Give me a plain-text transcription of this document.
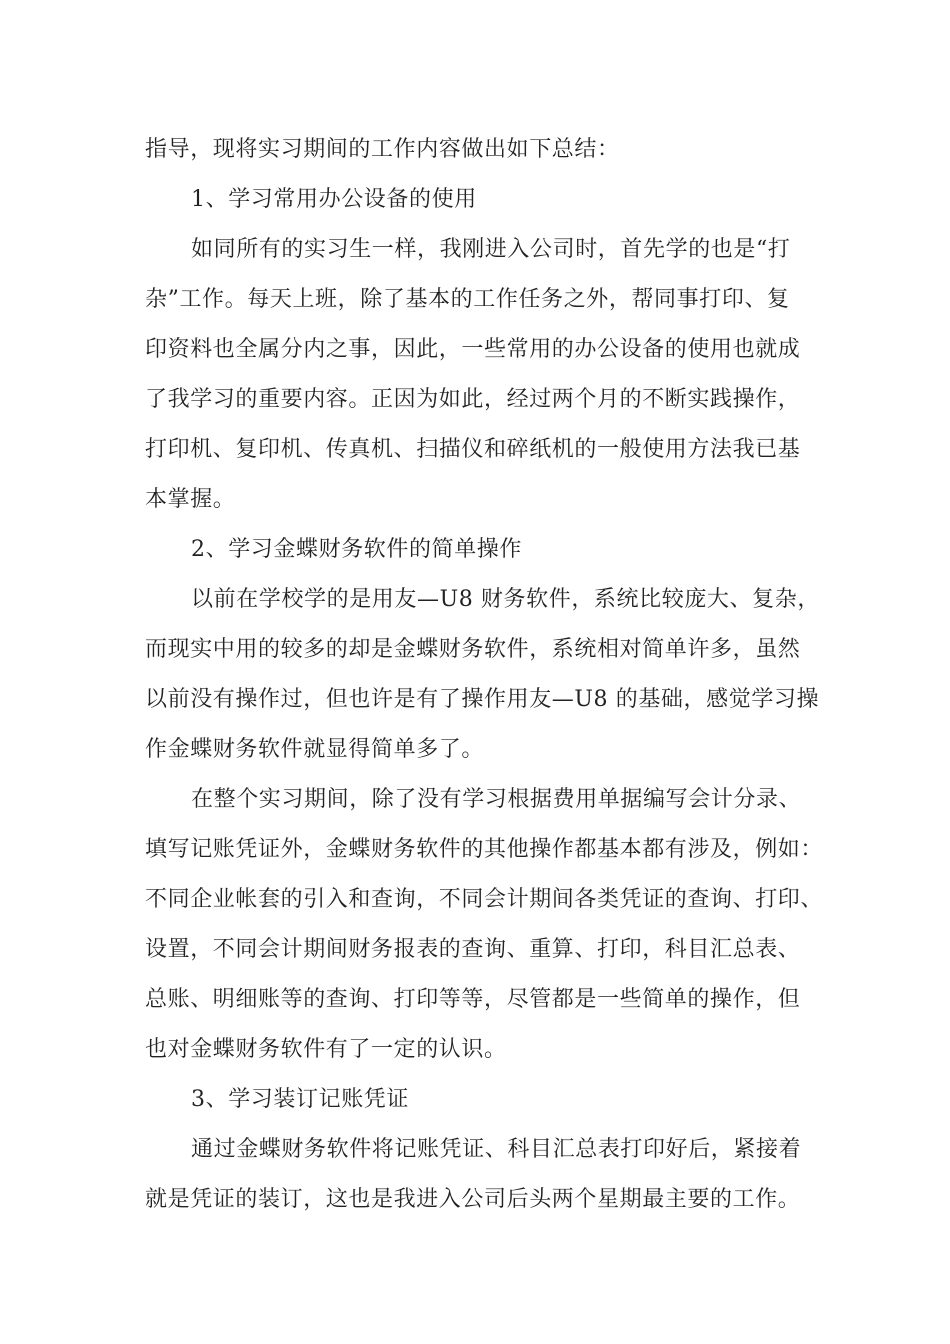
指导，现将实习期间的工作内容做出如下总结：
1、学习常用办公设备的使用
如同所有的实习生一样，我刚进入公司时，首先学的也是“打
杂”工作。每天上班，除了基本的工作任务之外，帮同事打印、复
印资料也全属分内之事，因此，一些常用的办公设备的使用也就成
了我学习的重要内容。正因为如此，经过两个月的不断实践操作，
打印机、复印机、传真机、扫描仪和碎纸机的一般使用方法我已基
本掌握。
2、学习金蝶财务软件的简单操作
以前在学校学的是用友—U8 财务软件，系统比较庞大、复杂，
而现实中用的较多的却是金蝶财务软件，系统相对简单许多，虽然
以前没有操作过，但也许是有了操作用友—U8 的基础，感觉学习操
作金蝶财务软件就显得简单多了。
在整个实习期间，除了没有学习根据费用单据编写会计分录、
填写记账凭证外，金蝶财务软件的其他操作都基本都有涉及，例如：
不同企业帐套的引入和查询，不同会计期间各类凭证的查询、打印、
设置，不同会计期间财务报表的查询、重算、打印，科目汇总表、
总账、明细账等的查询、打印等等，尽管都是一些简单的操作，但
也对金蝶财务软件有了一定的认识。
3、学习装订记账凭证
通过金蝶财务软件将记账凭证、科目汇总表打印好后，紧接着
就是凭证的装订，这也是我进入公司后头两个星期最主要的工作。
